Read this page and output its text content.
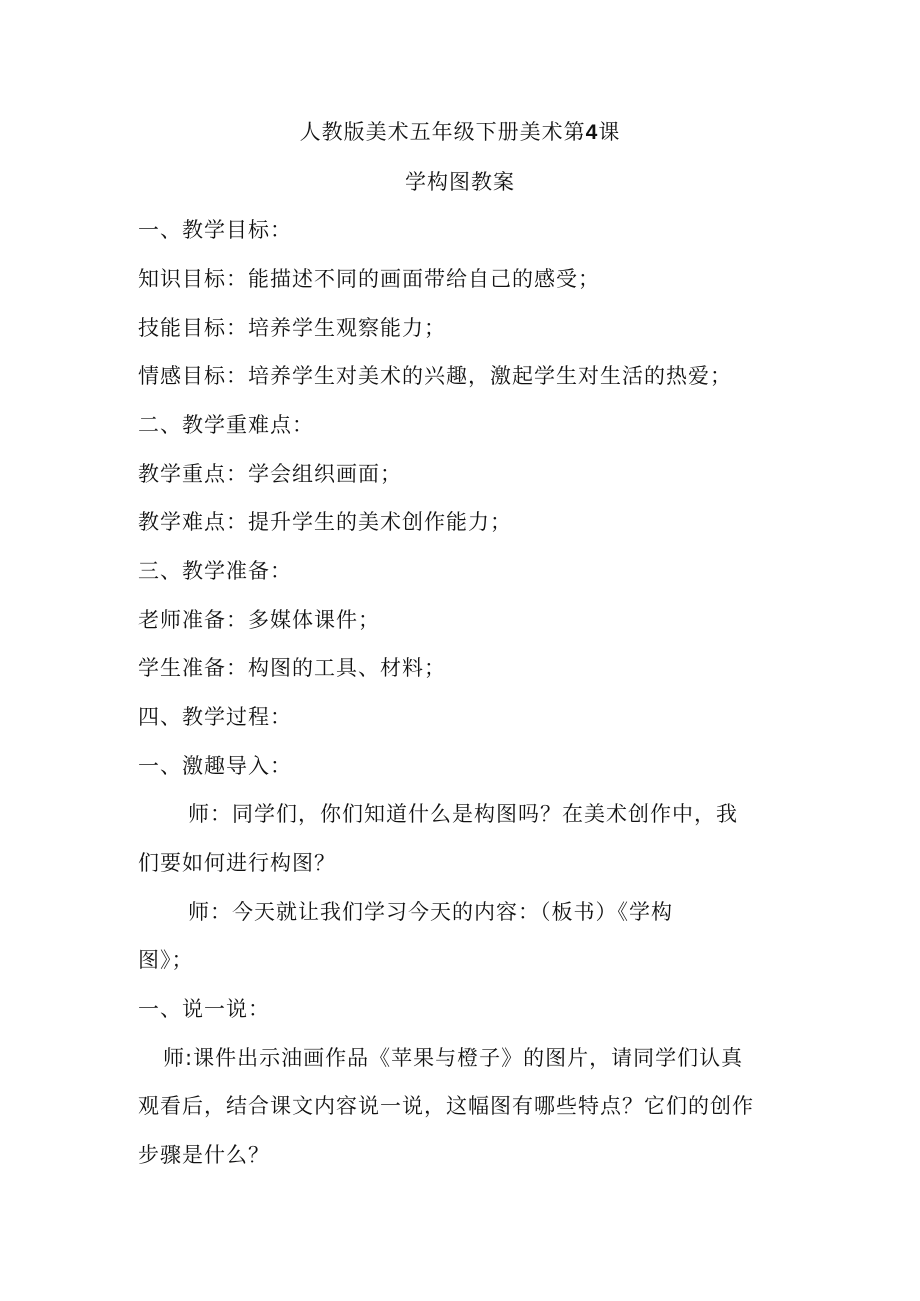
人教版美术五年级下册美术第4课
学构图教案
一、教学目标：
知识目标：能描述不同的画面带给自己的感受；
技能目标：培养学生观察能力；
情感目标：培养学生对美术的兴趣，激起学生对生活的热爱；
二、教学重难点：
教学重点：学会组织画面；
教学难点：提升学生的美术创作能力；
三、教学准备：
老师准备：多媒体课件；
学生准备：构图的工具、材料；
四、教学过程：
一、激趣导入：
师：同学们，你们知道什么是构图吗？在美术创作中，我
们要如何进行构图？
师：今天就让我们学习今天的内容：（板书）《学构
图》；
一、说一说：
师:课件出示油画作品《苹果与橙子》的图片，请同学们认真
观看后，结合课文内容说一说，这幅图有哪些特点？它们的创作
步骤是什么？
